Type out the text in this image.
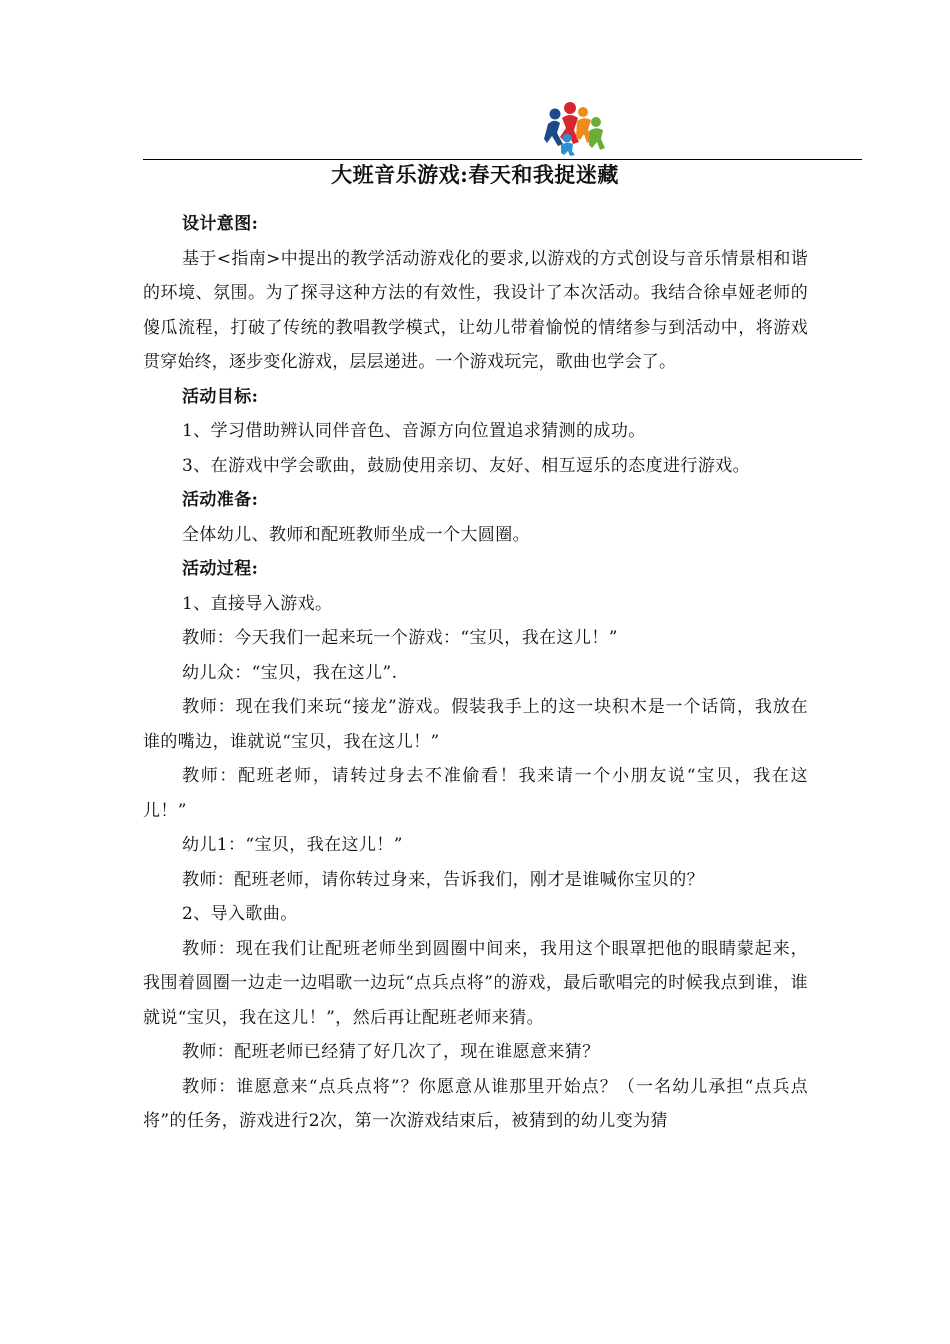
大班音乐游戏:春天和我捉迷藏

设计意图:

基于<指南>中提出的教学活动游戏化的要求,以游戏的方式创设与音乐情景相和谐的环境、氛围。为了探寻这种方法的有效性，我设计了本次活动。我结合徐卓娅老师的傻瓜流程，打破了传统的教唱教学模式，让幼儿带着愉悦的情绪参与到活动中，将游戏贯穿始终，逐步变化游戏，层层递进。一个游戏玩完，歌曲也学会了。

活动目标:

1、学习借助辨认同伴音色、音源方向位置追求猜测的成功。

3、在游戏中学会歌曲，鼓励使用亲切、友好、相互逗乐的态度进行游戏。

活动准备:

全体幼儿、教师和配班教师坐成一个大圆圈。

活动过程:

1、直接导入游戏。

教师：今天我们一起来玩一个游戏：“宝贝，我在这儿！”

幼儿众：“宝贝，我在这儿”.

教师：现在我们来玩“接龙”游戏。假装我手上的这一块积木是一个话筒，我放在谁的嘴边，谁就说“宝贝，我在这儿！”

教师：配班老师，请转过身去不准偷看！我来请一个小朋友说“宝贝，我在这儿！”

幼儿1：“宝贝，我在这儿！”

教师：配班老师，请你转过身来，告诉我们，刚才是谁喊你宝贝的？

2、导入歌曲。

教师：现在我们让配班老师坐到圆圈中间来，我用这个眼罩把他的眼睛蒙起来，我围着圆圈一边走一边唱歌一边玩“点兵点将”的游戏，最后歌唱完的时候我点到谁，谁就说“宝贝，我在这儿！”，然后再让配班老师来猜。

教师：配班老师已经猜了好几次了，现在谁愿意来猜？

教师：谁愿意来“点兵点将”？你愿意从谁那里开始点？（一名幼儿承担“点兵点将”的任务，游戏进行2次，第一次游戏结束后，被猜到的幼儿变为猜
